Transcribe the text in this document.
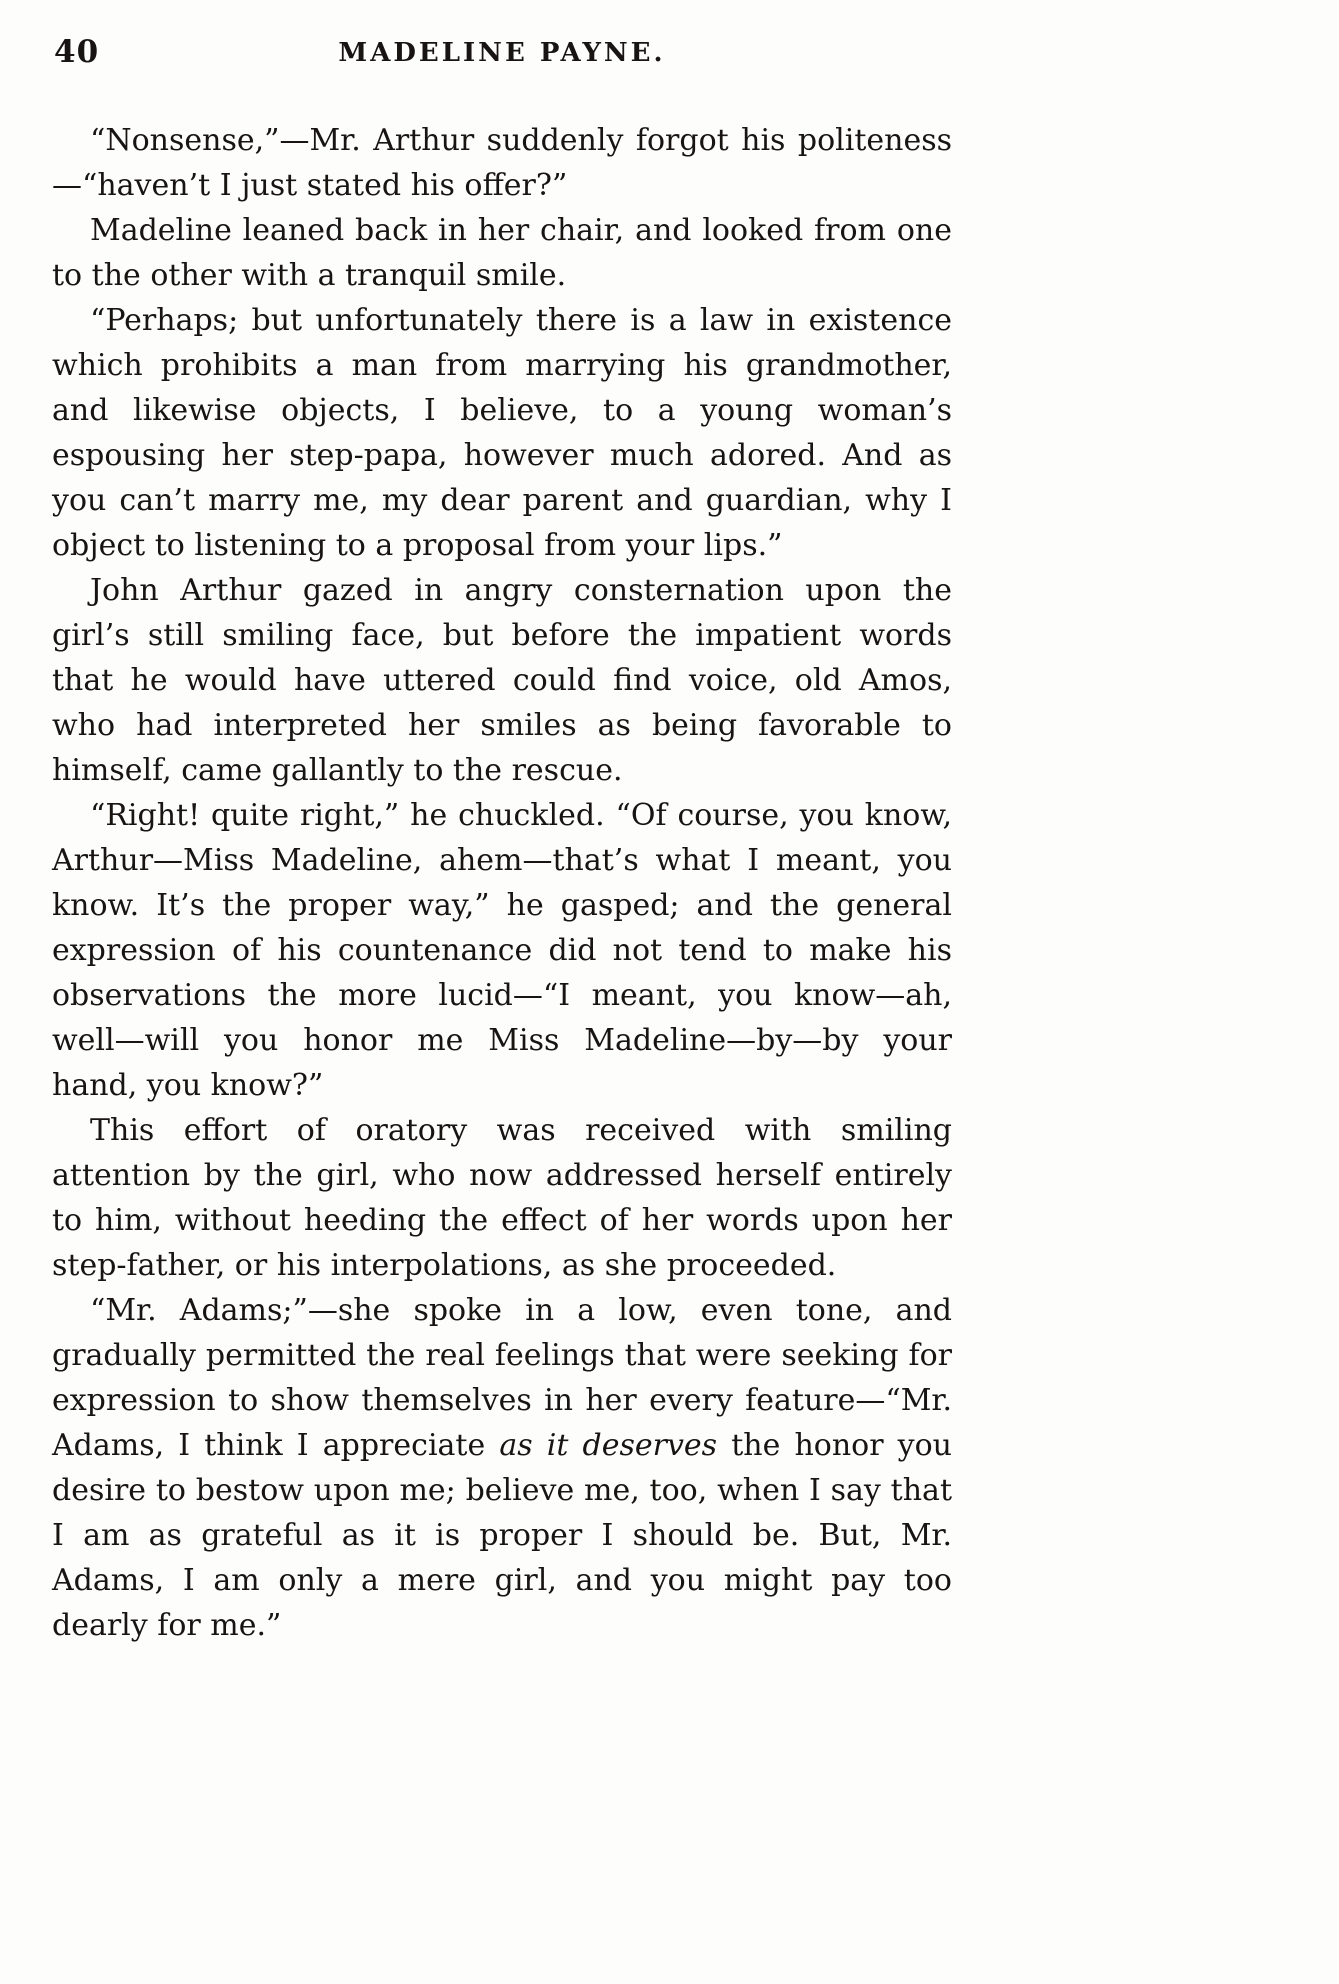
40	MADELINE PAYNE.

“Nonsense,”—Mr. Arthur suddenly forgot his politeness—“haven’t I just stated his offer?”

Madeline leaned back in her chair, and looked from one to the other with a tranquil smile.

“Perhaps; but unfortunately there is a law in existence which prohibits a man from marrying his grandmother, and likewise objects, I believe, to a young woman’s espousing her step-papa, however much adored. And as you can’t marry me, my dear parent and guardian, why I object to listening to a proposal from your lips.”

John Arthur gazed in angry consternation upon the girl’s still smiling face, but before the impatient words that he would have uttered could find voice, old Amos, who had interpreted her smiles as being favorable to himself, came gallantly to the rescue.

“Right! quite right,” he chuckled. “Of course, you know, Arthur—Miss Madeline, ahem—that’s what I meant, you know. It’s the proper way,” he gasped; and the general expression of his countenance did not tend to make his observations the more lucid—“I meant, you know—ah, well—will you honor me Miss Madeline—by—by your hand, you know?”

This effort of oratory was received with smiling attention by the girl, who now addressed herself entirely to him, without heeding the effect of her words upon her step-father, or his interpolations, as she proceeded.

“Mr. Adams;”—she spoke in a low, even tone, and gradually permitted the real feelings that were seeking for expression to show themselves in her every feature—“Mr. Adams, I think I appreciate as it deserves the honor you desire to bestow upon me; believe me, too, when I say that I am as grateful as it is proper I should be. But, Mr. Adams, I am only a mere girl, and you might pay too dearly for me.”
